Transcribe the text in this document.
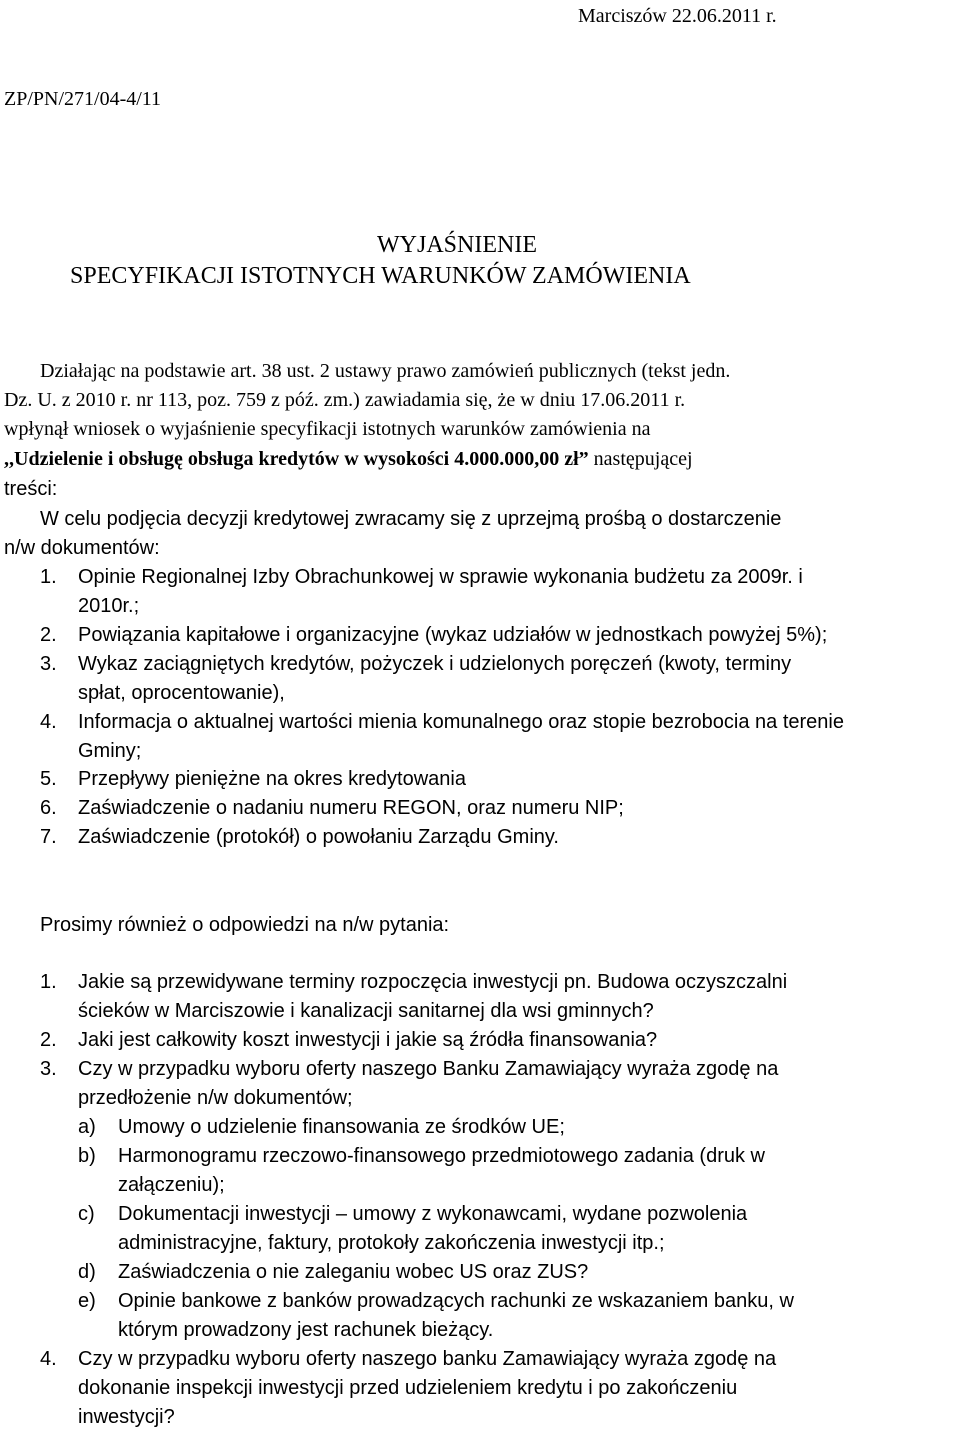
Marciszów 22.06.2011 r.
ZP/PN/271/04-4/11
WYJAŚNIENIE
SPECYFIKACJI ISTOTNYCH WARUNKÓW ZAMÓWIENIA
Działając na podstawie art. 38 ust. 2 ustawy prawo zamówień publicznych (tekst jedn.
Dz. U. z 2010 r. nr 113, poz. 759 z póź. zm.) zawiadamia się, że w dniu 17.06.2011 r.
wpłynął wniosek o wyjaśnienie specyfikacji istotnych warunków zamówienia na
,,Udzielenie i obsługę obsługa kredytów w wysokości 4.000.000,00 zł” następującej
treści:
W celu podjęcia decyzji kredytowej zwracamy się z uprzejmą prośbą o dostarczenie
n/w dokumentów:
1. Opinie Regionalnej Izby Obrachunkowej w sprawie wykonania budżetu za 2009r. i
2010r.;
2. Powiązania kapitałowe i organizacyjne (wykaz udziałów w jednostkach powyżej 5%);
3. Wykaz zaciągniętych kredytów, pożyczek i udzielonych poręczeń (kwoty, terminy
spłat, oprocentowanie),
4. Informacja o aktualnej wartości mienia komunalnego oraz stopie bezrobocia na terenie
Gminy;
5. Przepływy pieniężne na okres kredytowania
6. Zaświadczenie o nadaniu numeru REGON, oraz numeru NIP;
7. Zaświadczenie (protokół) o powołaniu Zarządu Gminy.
Prosimy również o odpowiedzi na n/w pytania:
1. Jakie są przewidywane terminy rozpoczęcia inwestycji pn. Budowa oczyszczalni
ścieków w Marciszowie i kanalizacji sanitarnej dla wsi gminnych?
2. Jaki jest całkowity koszt inwestycji i jakie są źródła finansowania?
3. Czy w przypadku wyboru oferty naszego Banku Zamawiający wyraża zgodę na
przedłożenie n/w dokumentów;
a) Umowy o udzielenie finansowania ze środków UE;
b) Harmonogramu rzeczowo-finansowego przedmiotowego zadania (druk w
załączeniu);
c) Dokumentacji inwestycji – umowy z wykonawcami, wydane pozwolenia
administracyjne, faktury, protokoły zakończenia inwestycji itp.;
d) Zaświadczenia o nie zaleganiu wobec US oraz ZUS?
e) Opinie bankowe z banków prowadzących rachunki ze wskazaniem banku, w
którym prowadzony jest rachunek bieżący.
4. Czy w przypadku wyboru oferty naszego banku Zamawiający wyraża zgodę na
dokonanie inspekcji inwestycji przed udzieleniem kredytu i po zakończeniu
inwestycji?
